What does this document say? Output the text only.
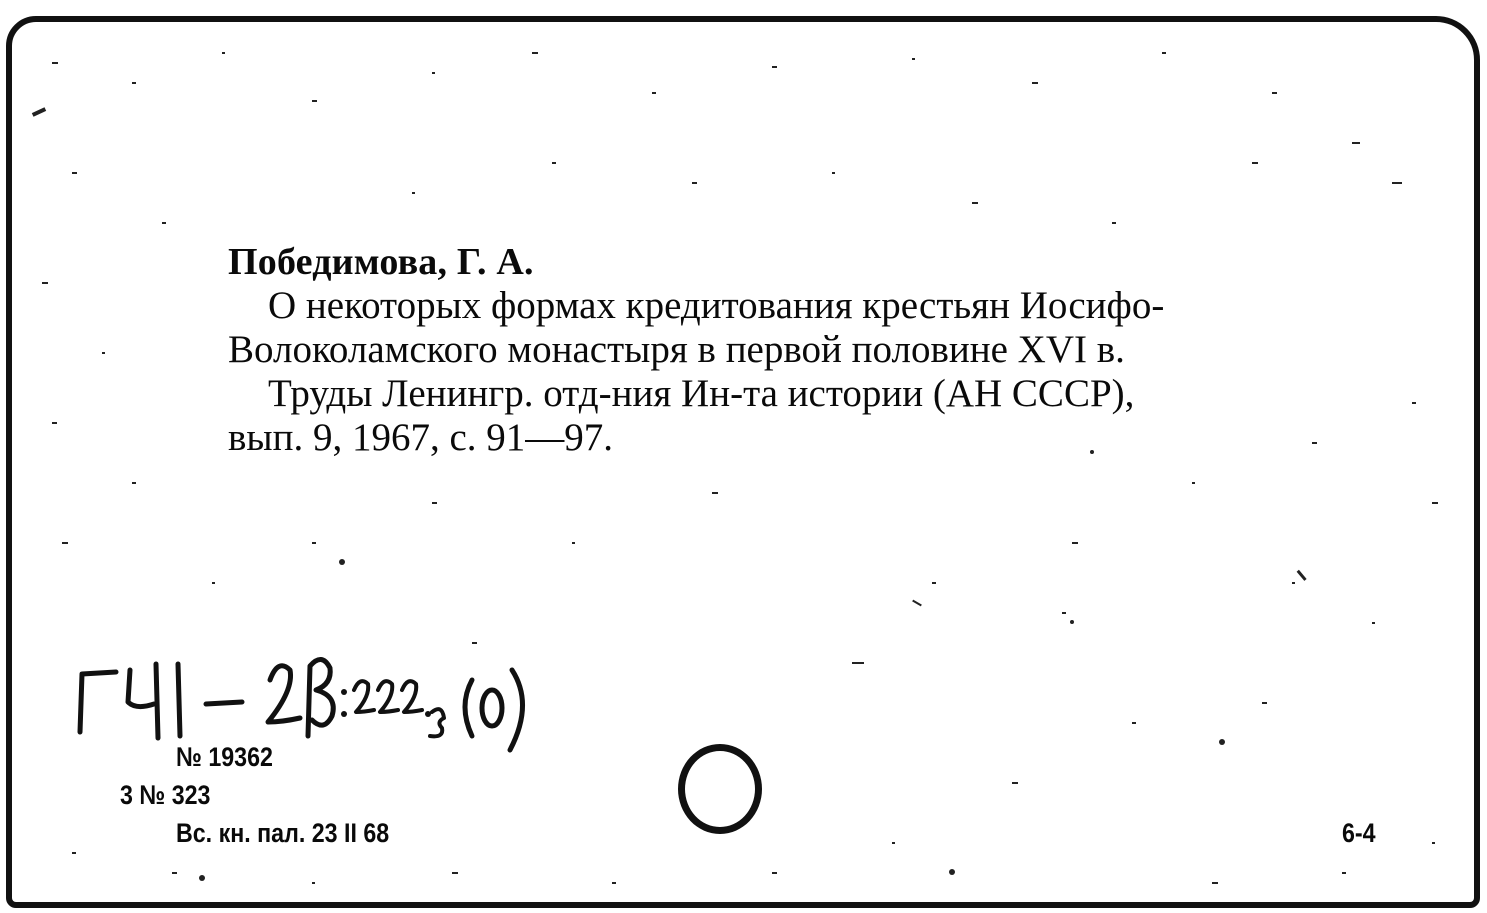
Победимова, Г. А.
О некоторых формах кредитования крестьян Иосифо-
Волоколамского монастыря в первой половине XVI в.
Труды Ленингр. отд-ния Ин-та истории (АН СССР),
вып. 9, 1967, с. 91—97.
№ 19362
3 № 323
Вс. кн. пал. 23 II 68	6-4
